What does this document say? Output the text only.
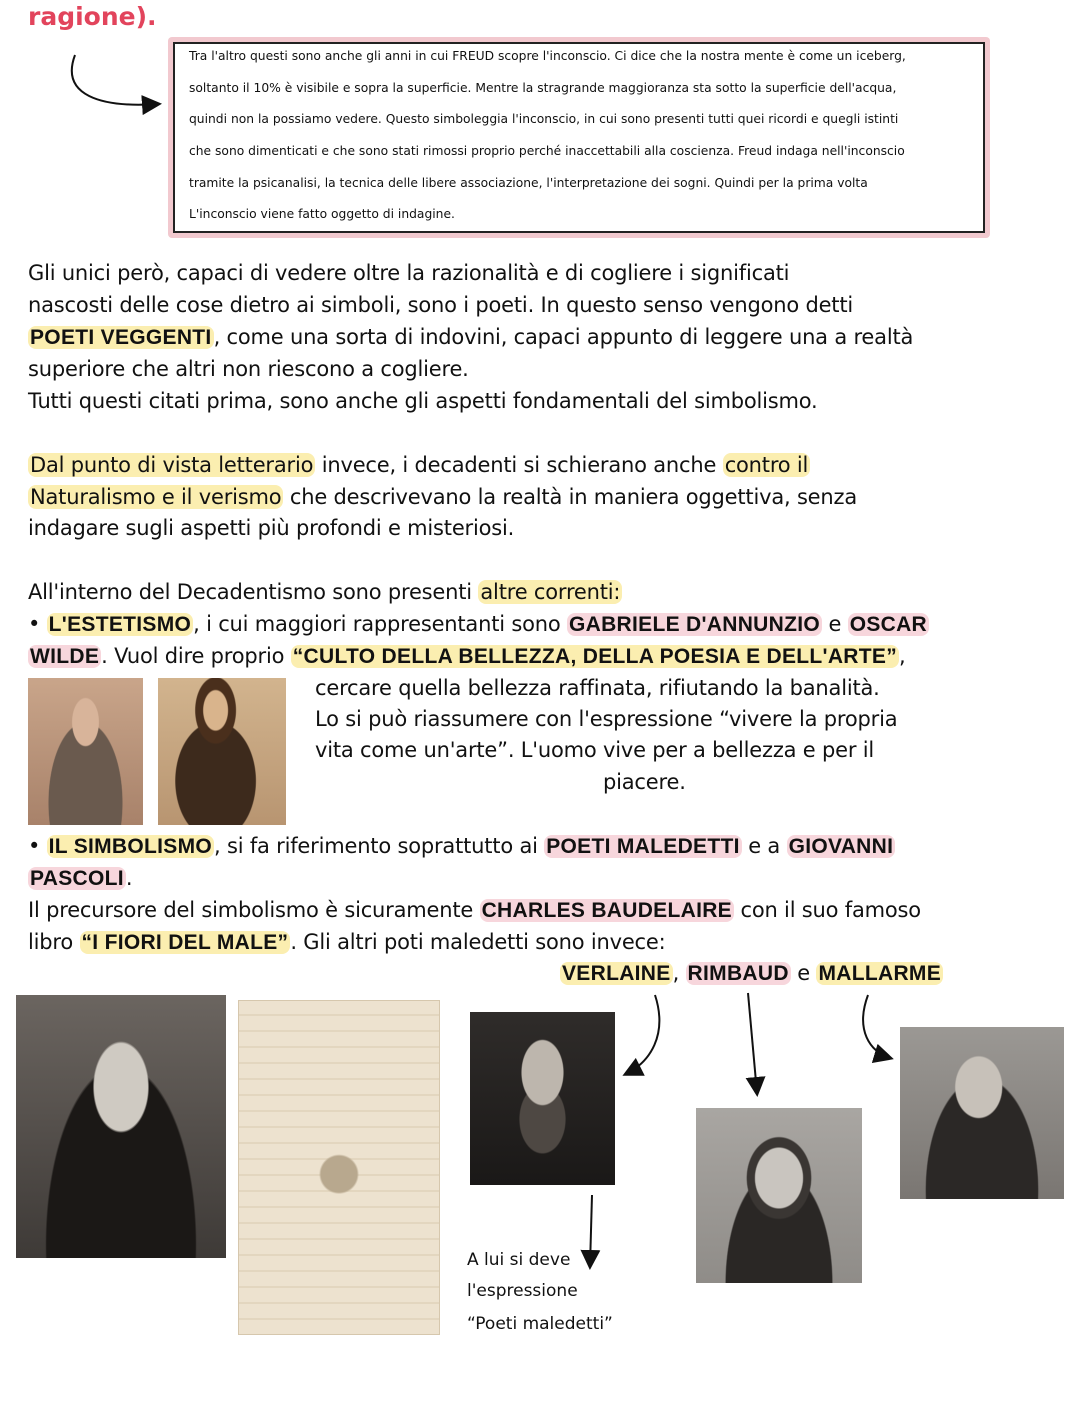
ragione).
Tra l'altro questi sono anche gli anni in cui FREUD scopre l'inconscio. Ci dice che la nostra mente è come un iceberg,
soltanto il 10% è visibile e sopra la superficie. Mentre la stragrande maggioranza sta sotto la superficie dell'acqua,
quindi non la possiamo vedere. Questo simboleggia l'inconscio, in cui sono presenti tutti quei ricordi e quegli istinti
che sono dimenticati e che sono stati rimossi proprio perché inaccettabili alla coscienza. Freud indaga nell'inconscio
tramite la psicanalisi, la tecnica delle libere associazione, l'interpretazione dei sogni. Quindi per la prima volta
L'inconscio viene fatto oggetto di indagine.
Gli unici però, capaci di vedere oltre la razionalità e di cogliere i significati
nascosti delle cose dietro ai simboli, sono i poeti. In questo senso vengono detti
POETI VEGGENTI, come una sorta di indovini, capaci appunto di leggere una a realtà
superiore che altri non riescono a cogliere.
Tutti questi citati prima, sono anche gli aspetti fondamentali del simbolismo.
Dal punto di vista letterario invece, i decadenti si schierano anche contro il
Naturalismo e il verismo che descrivevano la realtà in maniera oggettiva, senza
indagare sugli aspetti più profondi e misteriosi.
All'interno del Decadentismo sono presenti altre correnti:
• L'ESTETISMO, i cui maggiori rappresentanti sono GABRIELE D'ANNUNZIO e OSCAR
WILDE. Vuol dire proprio “CULTO DELLA BELLEZZA, DELLA POESIA E DELL'ARTE”,
cercare quella bellezza raffinata, rifiutando la banalità.
Lo si può riassumere con l'espressione “vivere la propria
vita come un'arte”. L'uomo vive per a bellezza e per il
piacere.
• IL SIMBOLISMO, si fa riferimento soprattutto ai POETI MALEDETTI e a GIOVANNI
PASCOLI.
Il precursore del simbolismo è sicuramente CHARLES BAUDELAIRE con il suo famoso
libro “I FIORI DEL MALE”. Gli altri poti maledetti sono invece:
VERLAINE, RIMBAUD e MALLARME
A lui si deve
l'espressione
“Poeti maledetti”
